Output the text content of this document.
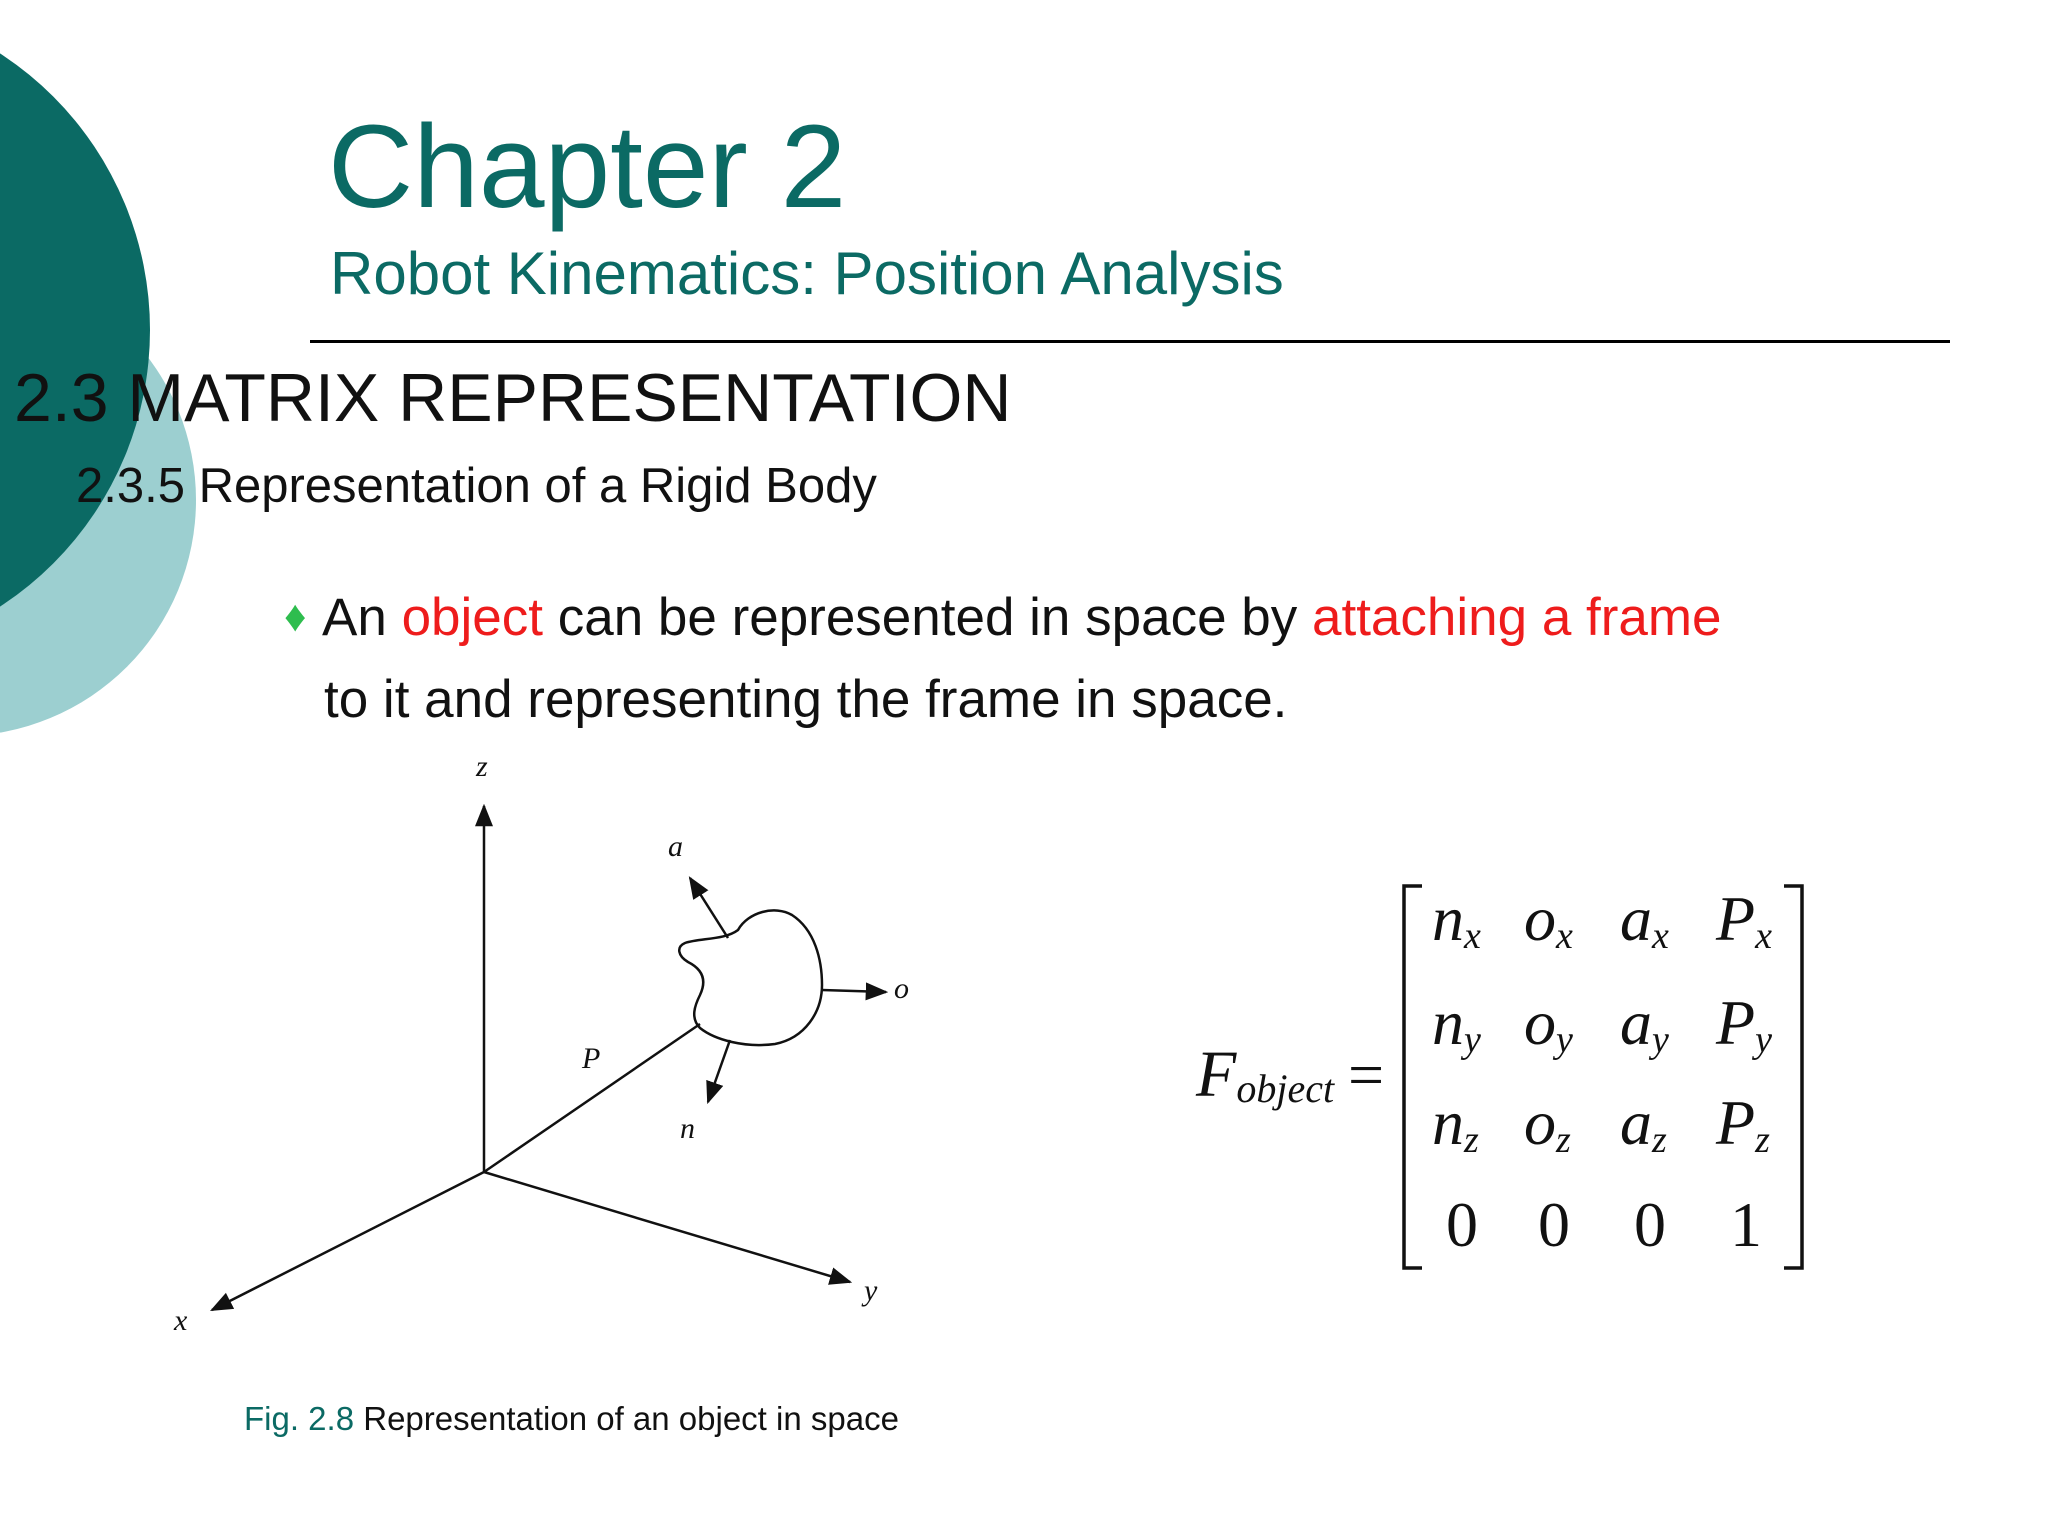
Chapter 2
Robot Kinematics: Position Analysis
2.3 MATRIX REPRESENTATION
2.3.5 Representation of a Rigid Body
♦ An object can be represented in space by attaching a frame
to it and representing the frame in space.
z
x
y
a
o
n
P
Fig. 2.8 Representation of an object in space
Fobject =
nx ox ax Px
ny oy ay Py
nz oz az Pz
0 0 0 1
